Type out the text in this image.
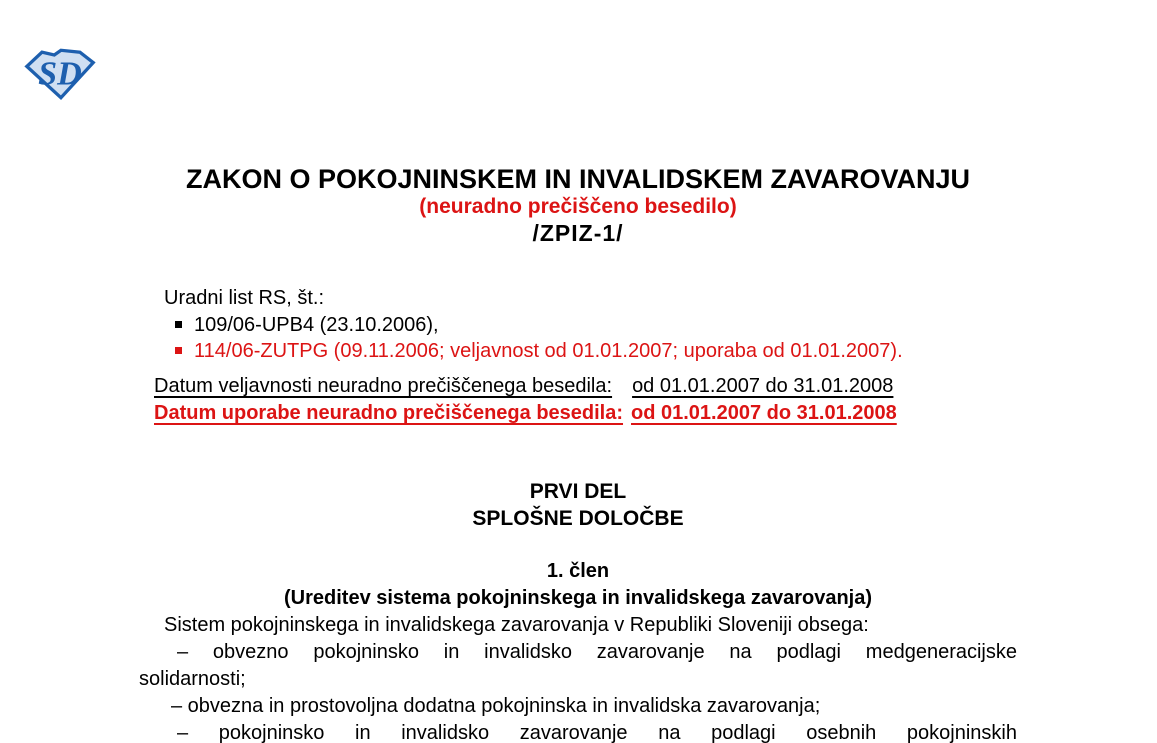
SD
ZAKON O POKOJNINSKEM IN INVALIDSKEM ZAVAROVANJU
(neuradno prečiščeno besedilo)
/ZPIZ-1/
Uradni list RS, št.:
109/06-UPB4 (23.10.2006),
114/06-ZUTPG (09.11.2006; veljavnost od 01.01.2007; uporaba od 01.01.2007).
Datum veljavnosti neuradno prečiščenega besedila: od 01.01.2007 do 31.01.2008
Datum uporabe neuradno prečiščenega besedila: od 01.01.2007 do 31.01.2008
PRVI DEL
SPLOŠNE DOLOČBE
1. člen
(Ureditev sistema pokojninskega in invalidskega zavarovanja)
Sistem pokojninskega in invalidskega zavarovanja v Republiki Sloveniji obsega:
– obvezno pokojninsko in invalidsko zavarovanje na podlagi medgeneracijske
solidarnosti;
– obvezna in prostovoljna dodatna pokojninska in invalidska zavarovanja;
– pokojninsko in invalidsko zavarovanje na podlagi osebnih pokojninskih
